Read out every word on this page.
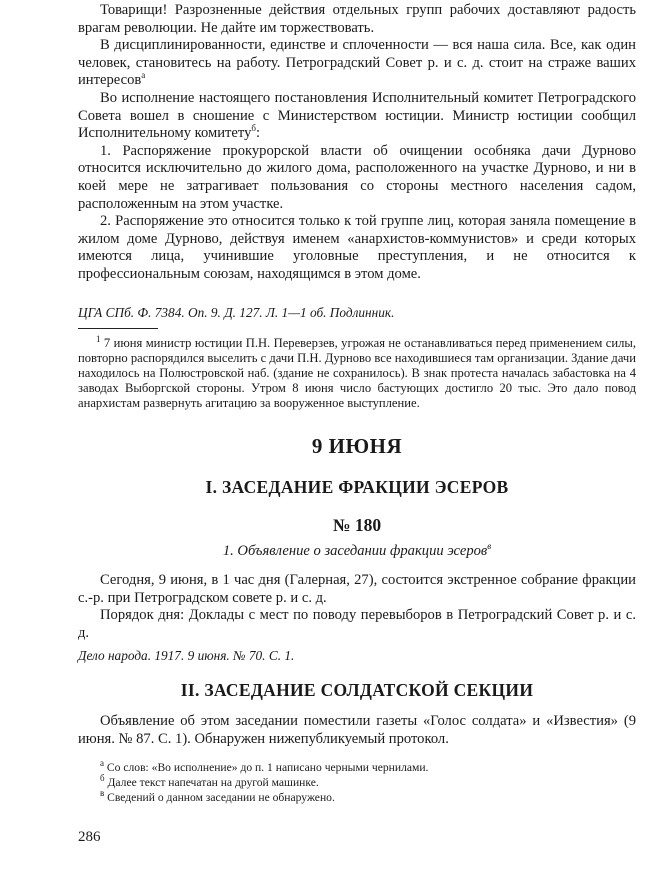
Товарищи! Разрозненные действия отдельных групп рабочих доставляют радость врагам революции. Не дайте им торжествовать.

В дисциплинированности, единстве и сплоченности — вся наша сила. Все, как один человек, становитесь на работу. Петроградский Совет р. и с. д. стоит на страже ваших интересов$^а$

Во исполнение настоящего постановления Исполнительный комитет Петроградского Совета вошел в сношение с Министерством юстиции. Министр юстиции сообщил Исполнительному комитету$^б$:

1. Распоряжение прокурорской власти об очищении особняка дачи Дурново относится исключительно до жилого дома, расположенного на участке Дурново, и ни в коей мере не затрагивает пользования со стороны местного населения садом, расположенным на этом участке.

2. Распоряжение это относится только к той группе лиц, которая заняла помещение в жилом доме Дурново, действуя именем «анархистов-коммунистов» и среди которых имеются лица, учинившие уголовные преступления, и не относится к профессиональным союзам, находящимся в этом доме.

ЦГА СПб. Ф. 7384. Оп. 9. Д. 127. Л. 1—1 об. Подлинник.
$^1$ 7 июня министр юстиции П.Н. Переверзев, угрожая не останавливаться перед применением силы, повторно распорядился выселить с дачи П.Н. Дурново все находившиеся там организации. Здание дачи находилось на Полюстровской наб. (здание не сохранилось). В знак протеста началась забастовка на 4 заводах Выборгской стороны. Утром 8 июня число бастующих достигло 20 тыс. Это дало повод анархистам развернуть агитацию за вооруженное выступление.
9 ИЮНЯ
I. ЗАСЕДАНИЕ ФРАКЦИИ ЭСЕРОВ
№ 180
1. Объявление о заседании фракции эсеров$^в$

Сегодня, 9 июня, в 1 час дня (Галерная, 27), состоится экстренное собрание фракции с.-р. при Петроградском совете р. и с. д.

Порядок дня: Доклады с мест по поводу перевыборов в Петроградский Совет р. и с. д.

Дело народа. 1917. 9 июня. № 70. С. 1.
II. ЗАСЕДАНИЕ СОЛДАТСКОЙ СЕКЦИИ

Объявление об этом заседании поместили газеты «Голос солдата» и «Известия» (9 июня. № 87. С. 1). Обнаружен нижепубликуемый протокол.

$^а$ Со слов: «Во исполнение» до п. 1 написано черными чернилами.

$^б$ Далее текст напечатан на другой машинке.

$^в$ Сведений о данном заседании не обнаружено.

286
